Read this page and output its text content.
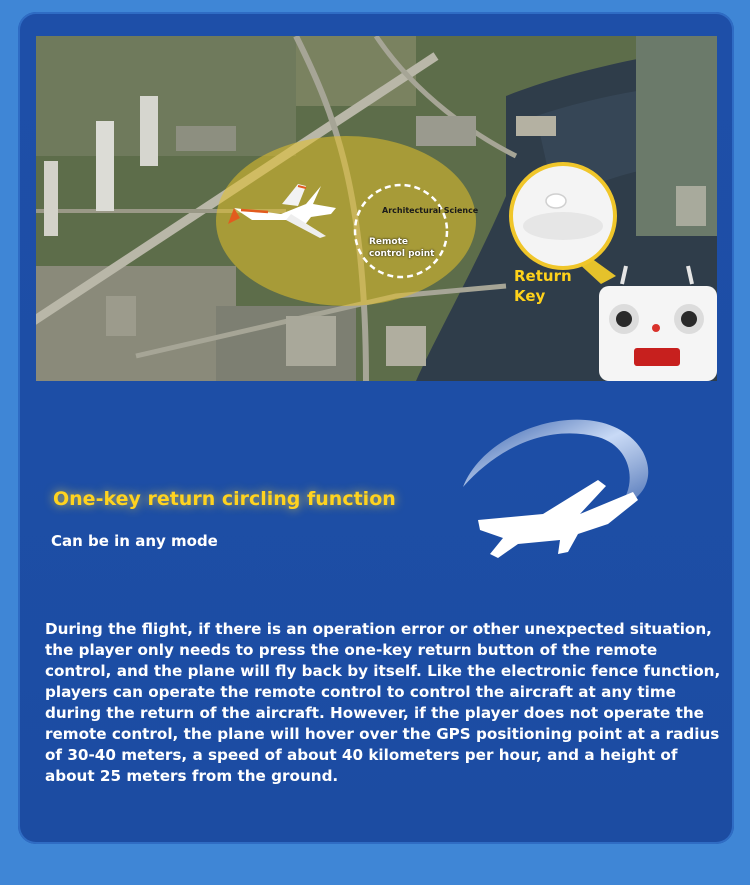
Architectural Science
Remote control point
Return Key
One-key return circling function
Can be in any mode
During the flight, if there is an operation error or other unexpected situation, the player only needs to press the one-key return button of the remote control, and the plane will fly back by itself. Like the electronic fence function, players can operate the remote control to control the aircraft at any time during the return of the aircraft. However, if the player does not operate the remote control, the plane will hover over the GPS positioning point at a radius of 30-40 meters, a speed of about 40 kilometers per hour, and a height of about 25 meters from the ground.
